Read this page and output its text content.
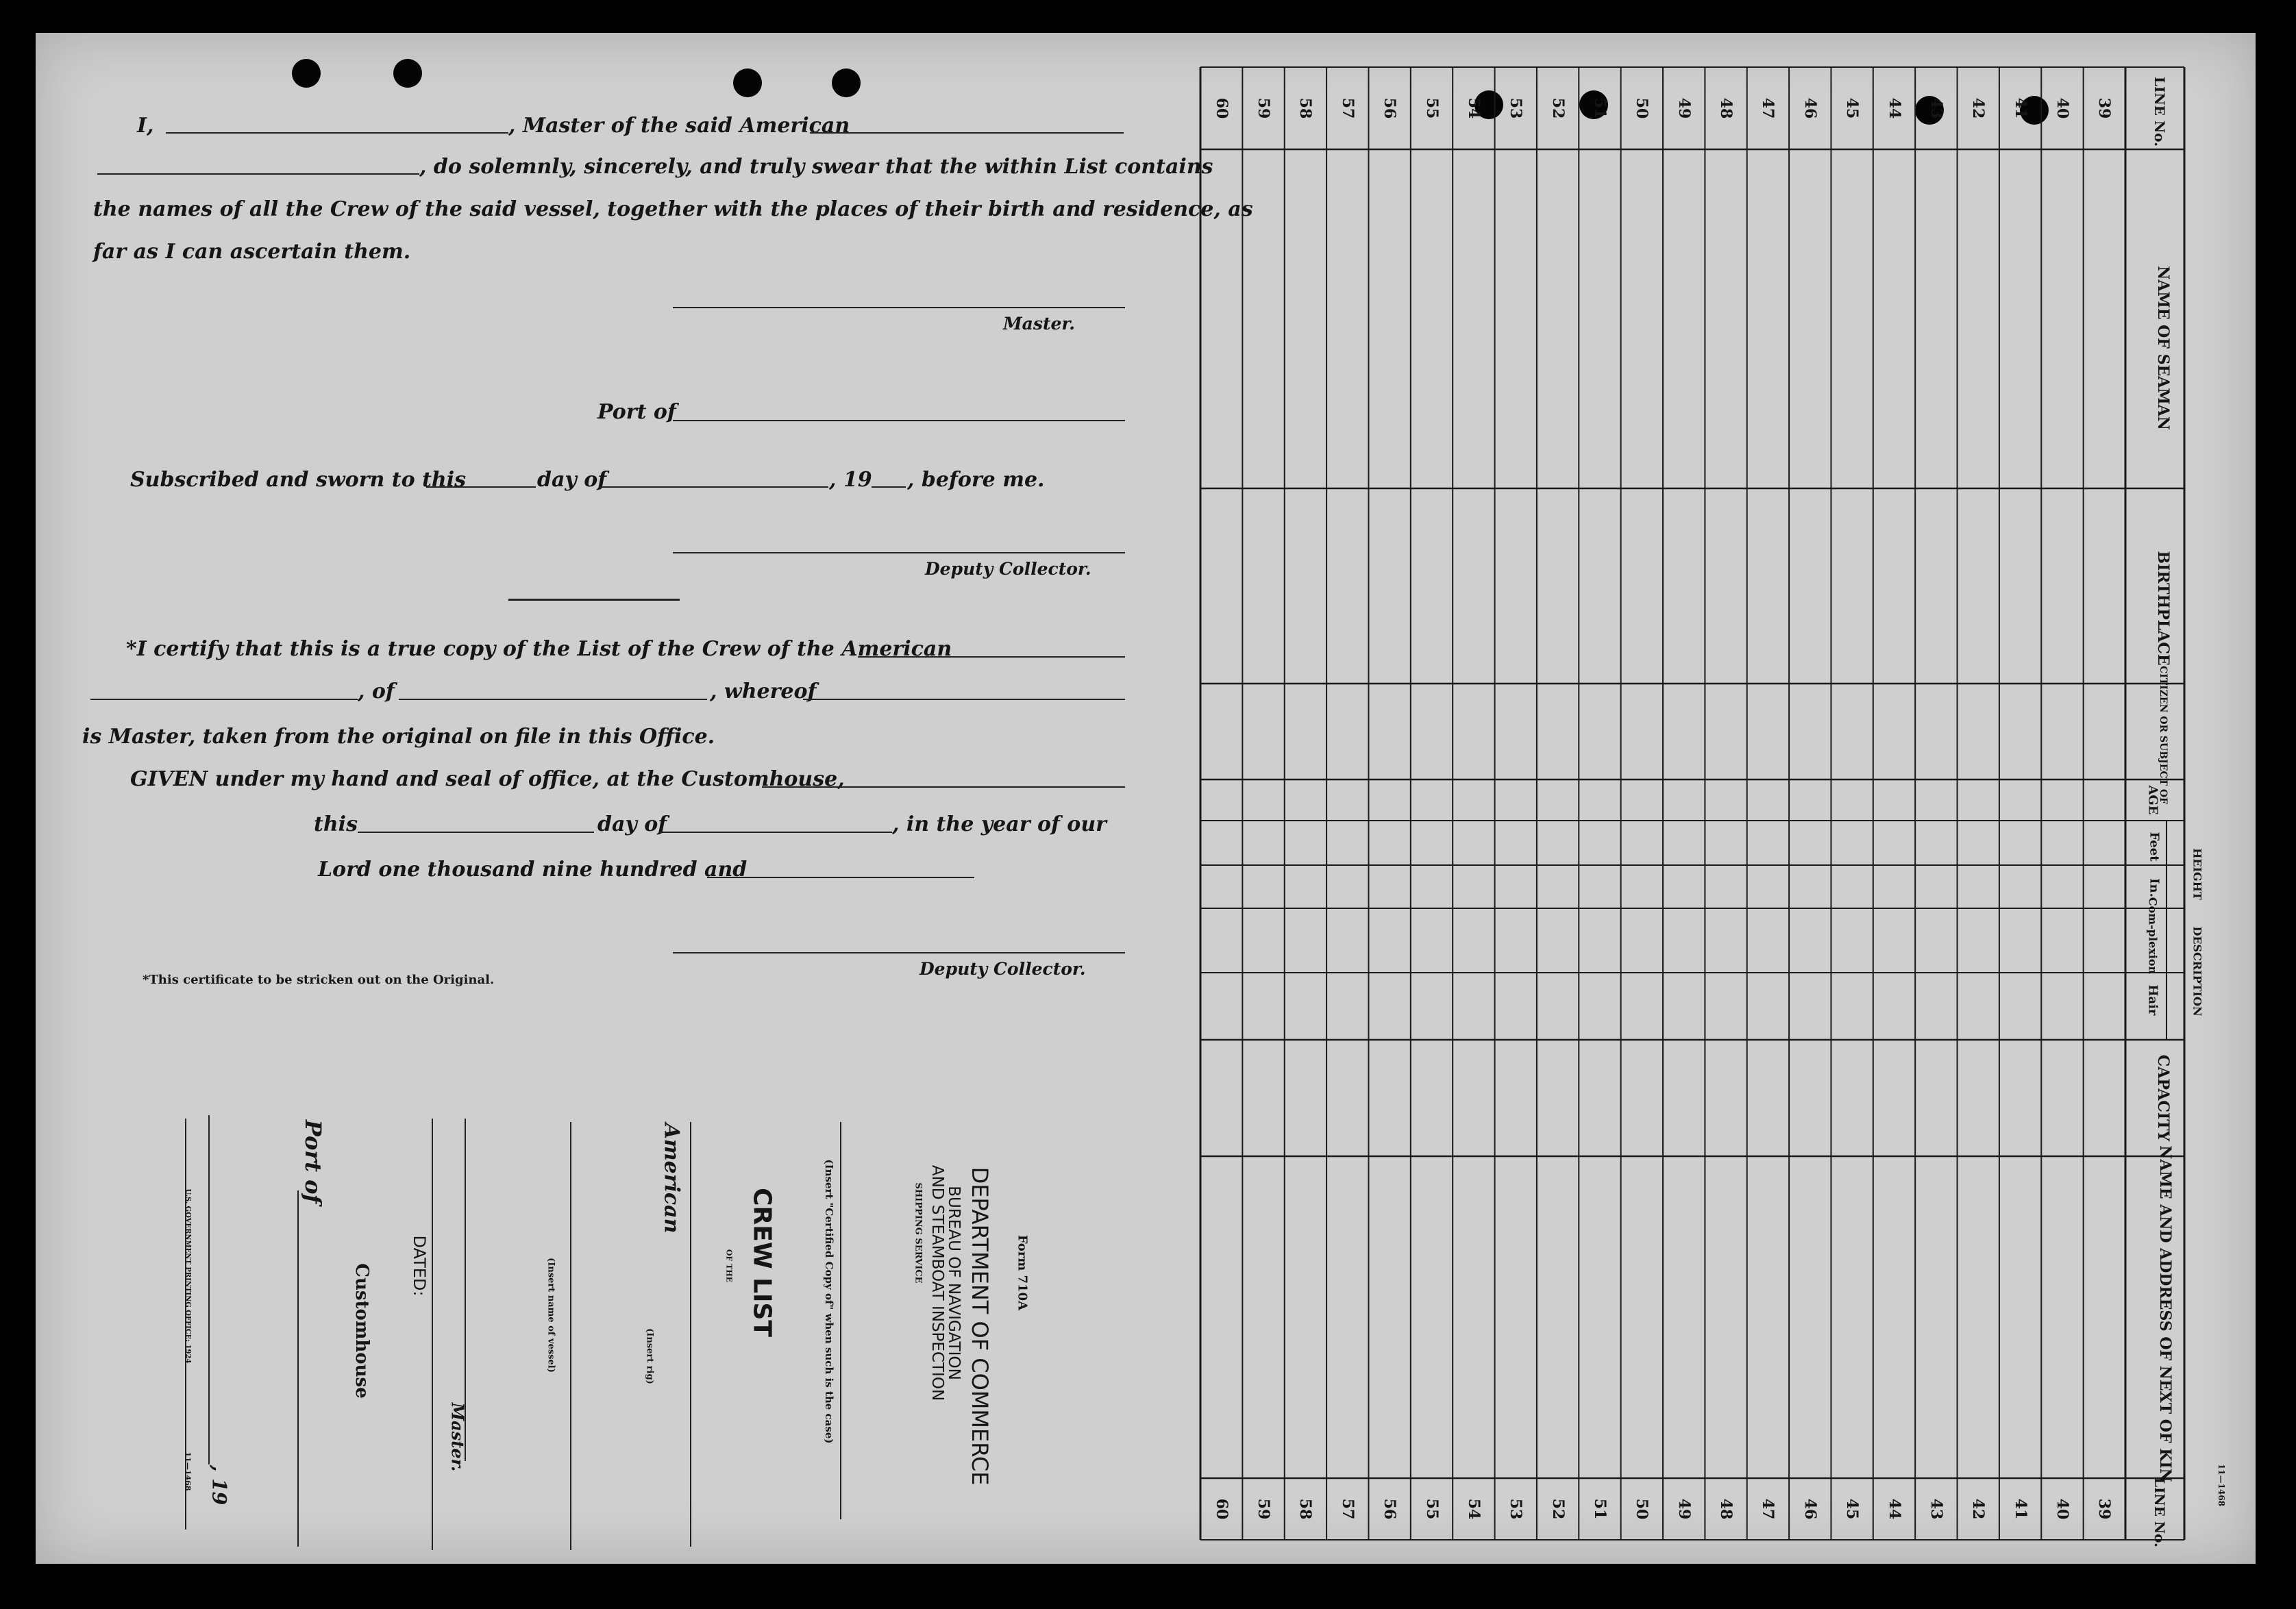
I,	, Master of the said American
, do solemnly, sincerely, and truly swear that the within List contains
the names of all the Crew of the said vessel, together with the places of their birth and residence, as
far as I can ascertain them.
Master.
Port of
Subscribed and sworn to this	day of	, 19 , before me.
Deputy Collector.
*I certify that this is a true copy of the List of the Crew of the American
, of	, whereof
is Master, taken from the original on file in this Office.
GIVEN under my hand and seal of office, at the Customhouse,
this	day of	, in the year of our
Lord one thousand nine hundred and
Deputy Collector.
*This certificate to be stricken out on the Original.
Form 710A
DEPARTMENT OF COMMERCE
BUREAU OF NAVIGATION
AND STEAMBOAT INSPECTION
SHIPPING SERVICE
(Insert "Certified Copy of" when such is the case)
CREW LIST
OF THE
(Insert rig)
American
(Insert name of vessel)
Master.
DATED:
Customhouse
Port of
, 19
U.S. GOVERNMENT PRINTING OFFICE: 1924
11—1468
LINE No.
NAME OF SEAMAN
BIRTHPLACE
CITIZEN OR SUBJECT OF
AGE
HEIGHT
Feet
In.
DESCRIPTION
Com-plexion
Hair
CAPACITY
NAME AND ADDRESS OF NEXT OF KIN
LINE No.	11—1468
60 59 58 57 56 55 54 53 52 51 50 49 48 47 46 45 44 43 42 41 40 39
60 59 58 57 56 55 54 53 52 51 50 49 48 47 46 45 44 43 42 41 40 39
